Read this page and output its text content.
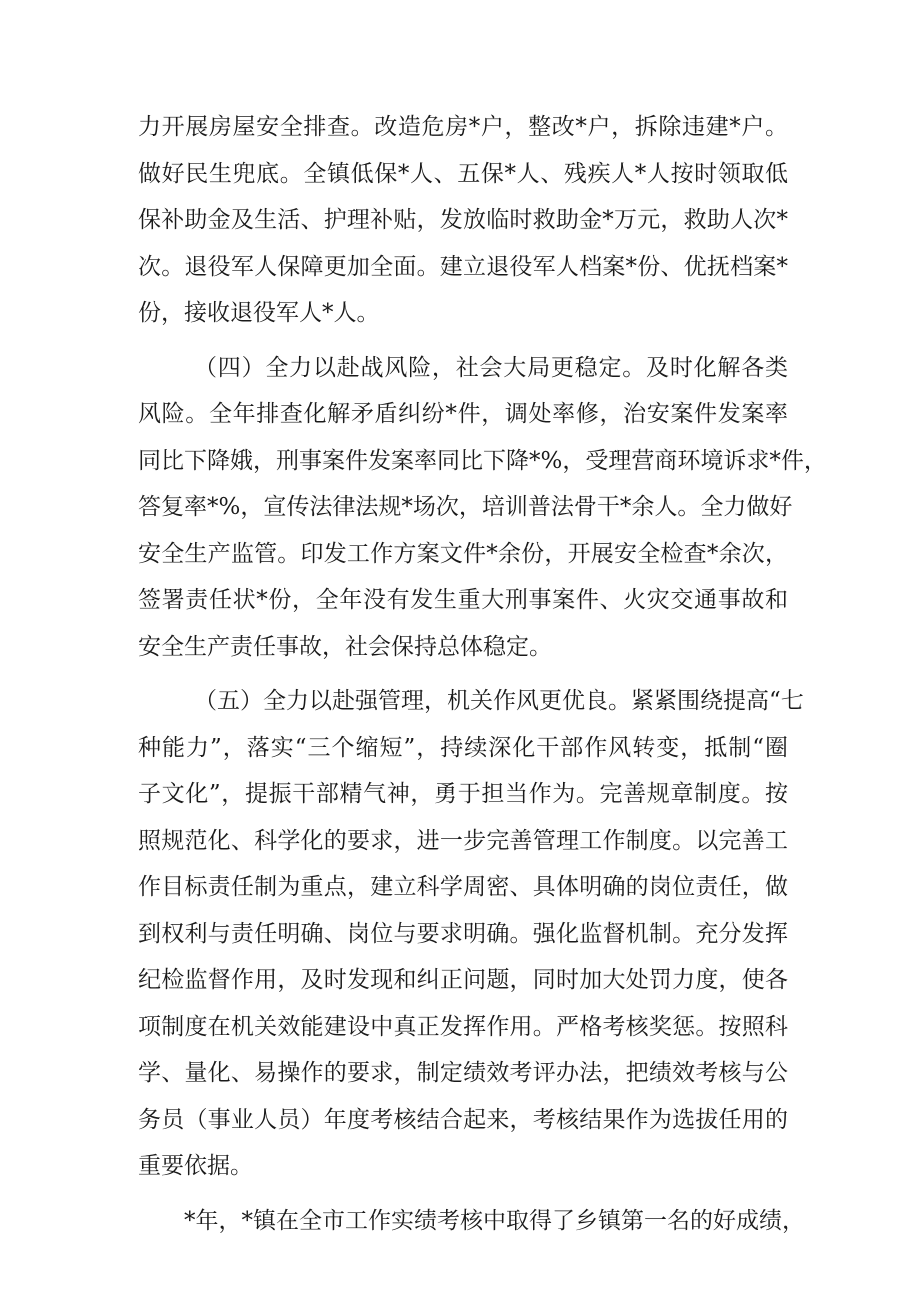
力开展房屋安全排查。改造危房*户，整改*户，拆除违建*户。
做好民生兜底。全镇低保*人、五保*人、残疾人*人按时领取低
保补助金及生活、护理补贴，发放临时救助金*万元，救助人次*
次。退役军人保障更加全面。建立退役军人档案*份、优抚档案*
份，接收退役军人*人。
（四）全力以赴战风险，社会大局更稳定。及时化解各类
风险。全年排查化解矛盾纠纷*件，调处率修，治安案件发案率
同比下降娥，刑事案件发案率同比下降*%，受理营商环境诉求*件，
答复率*%，宣传法律法规*场次，培训普法骨干*余人。全力做好
安全生产监管。印发工作方案文件*余份，开展安全检查*余次，
签署责任状*份，全年没有发生重大刑事案件、火灾交通事故和
安全生产责任事故，社会保持总体稳定。
（五）全力以赴强管理，机关作风更优良。紧紧围绕提高“七
种能力”，落实“三个缩短”，持续深化干部作风转变，抵制“圈
子文化”，提振干部精气神，勇于担当作为。完善规章制度。按
照规范化、科学化的要求，进一步完善管理工作制度。以完善工
作目标责任制为重点，建立科学周密、具体明确的岗位责任，做
到权利与责任明确、岗位与要求明确。强化监督机制。充分发挥
纪检监督作用，及时发现和纠正问题，同时加大处罚力度，使各
项制度在机关效能建设中真正发挥作用。严格考核奖惩。按照科
学、量化、易操作的要求，制定绩效考评办法，把绩效考核与公
务员（事业人员）年度考核结合起来，考核结果作为选拔任用的
重要依据。
*年，*镇在全市工作实绩考核中取得了乡镇第一名的好成绩，
